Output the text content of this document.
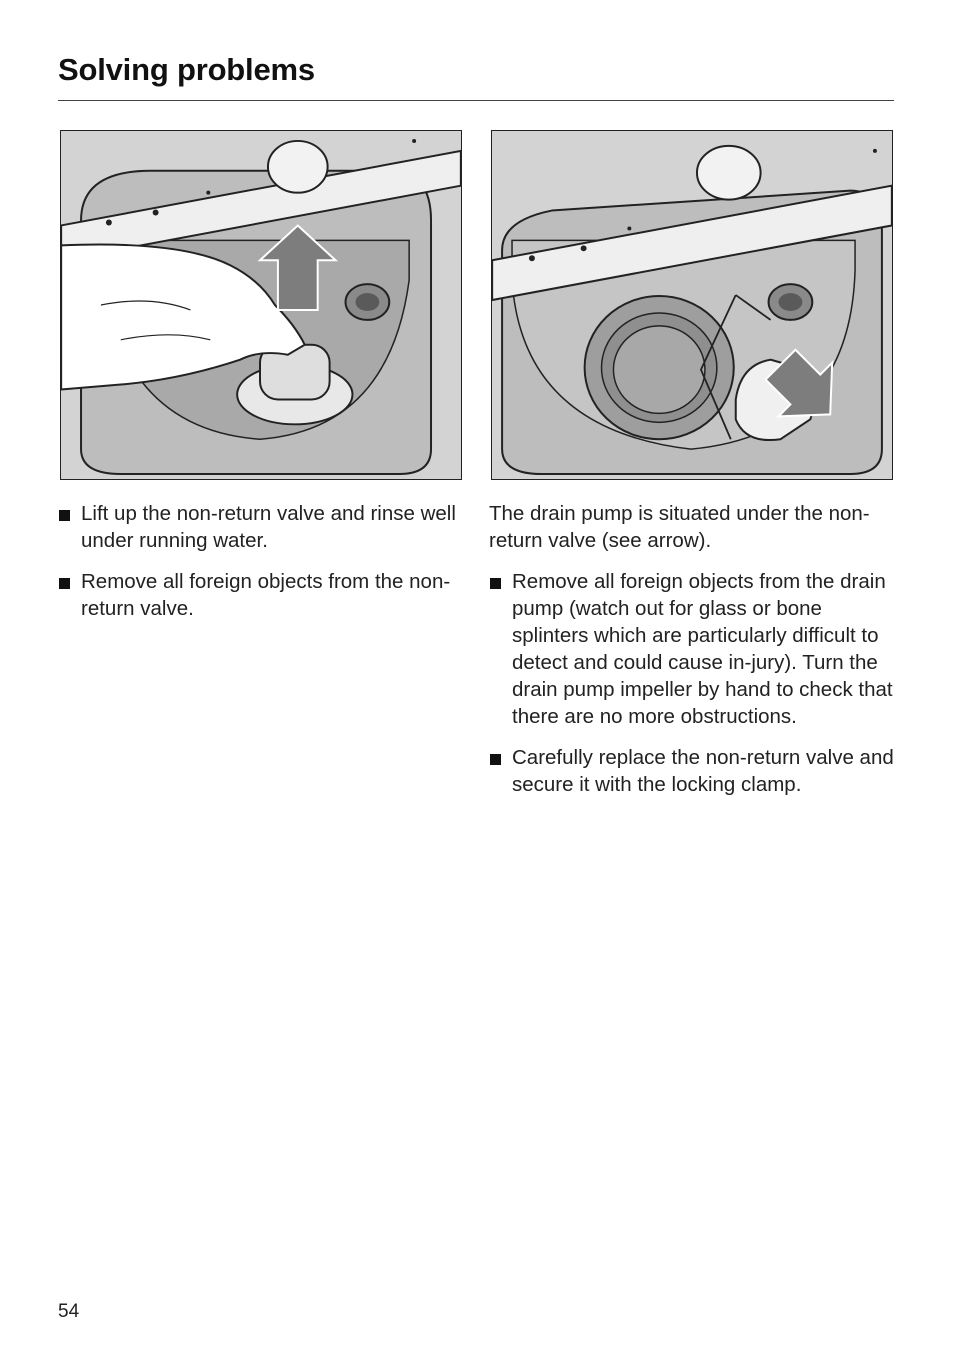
Solving problems
Lift up the non-return valve and rinse well under running water.
Remove all foreign objects from the non-return valve.
The drain pump is situated under the non-return valve (see arrow).
Remove all foreign objects from the drain pump (watch out for glass or bone splinters which are particularly difficult to detect and could cause in-jury). Turn the drain pump impeller by hand to check that there are no more obstructions.
Carefully replace the non-return valve and secure it with the locking clamp.
54
